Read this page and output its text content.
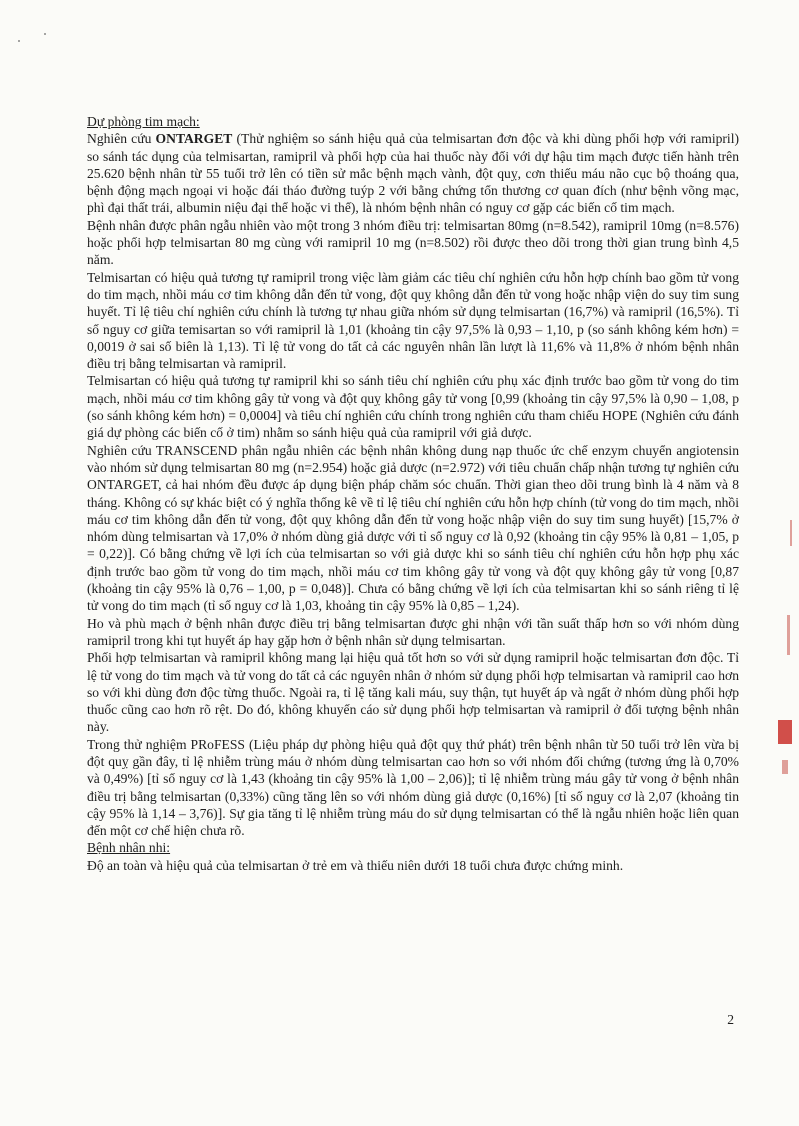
Dự phòng tim mạch:

Nghiên cứu ONTARGET (Thử nghiệm so sánh hiệu quả của telmisartan đơn độc và khi dùng phối hợp với ramipril) so sánh tác dụng của telmisartan, ramipril và phối hợp của hai thuốc này đối với dự hậu tim mạch được tiến hành trên 25.620 bệnh nhân từ 55 tuổi trở lên có tiền sử mắc bệnh mạch vành, đột quỵ, cơn thiếu máu não cục bộ thoáng qua, bệnh động mạch ngoại vi hoặc đái tháo đường tuýp 2 với bằng chứng tổn thương cơ quan đích (như bệnh võng mạc, phì đại thất trái, albumin niệu đại thể hoặc vi thể), là nhóm bệnh nhân có nguy cơ gặp các biến cố tim mạch.

Bệnh nhân được phân ngẫu nhiên vào một trong 3 nhóm điều trị: telmisartan 80mg (n=8.542), ramipril 10mg (n=8.576) hoặc phối hợp telmisartan 80 mg cùng với ramipril 10 mg (n=8.502) rồi được theo dõi trong thời gian trung bình 4,5 năm.

Telmisartan có hiệu quả tương tự ramipril trong việc làm giảm các tiêu chí nghiên cứu hỗn hợp chính bao gồm tử vong do tim mạch, nhồi máu cơ tim không dẫn đến tử vong, đột quỵ không dẫn đến tử vong hoặc nhập viện do suy tim sung huyết. Tỉ lệ tiêu chí nghiên cứu chính là tương tự nhau giữa nhóm sử dụng telmisartan (16,7%) và ramipril (16,5%). Tỉ số nguy cơ giữa temisartan so với ramipril là 1,01 (khoảng tin cậy 97,5% là 0,93 – 1,10, p (so sánh không kém hơn) = 0,0019 ở sai số biên là 1,13). Tỉ lệ tử vong do tất cả các nguyên nhân lần lượt là 11,6% và 11,8% ở nhóm bệnh nhân điều trị bằng telmisartan và ramipril.

Telmisartan có hiệu quả tương tự ramipril khi so sánh tiêu chí nghiên cứu phụ xác định trước bao gồm tử vong do tim mạch, nhồi máu cơ tim không gây tử vong và đột quỵ không gây tử vong [0,99 (khoảng tin cậy 97,5% là 0,90 – 1,08, p (so sánh không kém hơn) = 0,0004] và tiêu chí nghiên cứu chính trong nghiên cứu tham chiếu HOPE (Nghiên cứu đánh giá dự phòng các biến cố ở tim) nhằm so sánh hiệu quả của ramipril với giả dược.

Nghiên cứu TRANSCEND phân ngẫu nhiên các bệnh nhân không dung nạp thuốc ức chế enzym chuyển angiotensin vào nhóm sử dụng telmisartan 80 mg (n=2.954) hoặc giả dược (n=2.972) với tiêu chuẩn chấp nhận tương tự nghiên cứu ONTARGET, cả hai nhóm đều được áp dụng biện pháp chăm sóc chuẩn. Thời gian theo dõi trung bình là 4 năm và 8 tháng. Không có sự khác biệt có ý nghĩa thống kê về tỉ lệ tiêu chí nghiên cứu hỗn hợp chính (tử vong do tim mạch, nhồi máu cơ tim không dẫn đến tử vong, đột quỵ không dẫn đến tử vong hoặc nhập viện do suy tim sung huyết) [15,7% ở nhóm dùng telmisartan và 17,0% ở nhóm dùng giả dược với tỉ số nguy cơ là 0,92 (khoảng tin cậy 95% là 0,81 – 1,05, p = 0,22)]. Có bằng chứng về lợi ích của telmisartan so với giả dược khi so sánh tiêu chí nghiên cứu hỗn hợp phụ xác định trước bao gồm tử vong do tim mạch, nhồi máu cơ tim không gây tử vong và đột quỵ không gây tử vong [0,87 (khoảng tin cậy 95% là 0,76 – 1,00, p = 0,048)]. Chưa có bằng chứng về lợi ích của telmisartan khi so sánh riêng tỉ lệ tử vong do tim mạch (tỉ số nguy cơ là 1,03, khoảng tin cậy 95% là 0,85 – 1,24).

Ho và phù mạch ở bệnh nhân được điều trị bằng telmisartan được ghi nhận với tần suất thấp hơn so với nhóm dùng ramipril trong khi tụt huyết áp hay gặp hơn ở bệnh nhân sử dụng telmisartan.

Phối hợp telmisartan và ramipril không mang lại hiệu quả tốt hơn so với sử dụng ramipril hoặc telmisartan đơn độc. Tỉ lệ tử vong do tim mạch và tử vong do tất cả các nguyên nhân ở nhóm sử dụng phối hợp telmisartan và ramipril cao hơn so với khi dùng đơn độc từng thuốc. Ngoài ra, tỉ lệ tăng kali máu, suy thận, tụt huyết áp và ngất ở nhóm dùng phối hợp thuốc cũng cao hơn rõ rệt. Do đó, không khuyến cáo sử dụng phối hợp telmisartan và ramipril ở đối tượng bệnh nhân này.

Trong thử nghiệm PRoFESS (Liệu pháp dự phòng hiệu quả đột quỵ thứ phát) trên bệnh nhân từ 50 tuổi trở lên vừa bị đột quỵ gần đây, tỉ lệ nhiễm trùng máu ở nhóm dùng telmisartan cao hơn so với nhóm đối chứng (tương ứng là 0,70% và 0,49%) [tỉ số nguy cơ là 1,43 (khoảng tin cậy 95% là 1,00 – 2,06)]; tỉ lệ nhiễm trùng máu gây tử vong ở bệnh nhân điều trị bằng telmisartan (0,33%) cũng tăng lên so với nhóm dùng giả dược (0,16%) [tỉ số nguy cơ là 2,07 (khoảng tin cậy 95% là 1,14 – 3,76)]. Sự gia tăng tỉ lệ nhiễm trùng máu do sử dụng telmisartan có thể là ngẫu nhiên hoặc liên quan đến một cơ chế hiện chưa rõ.

Bệnh nhân nhi:

Độ an toàn và hiệu quả của telmisartan ở trẻ em và thiếu niên dưới 18 tuổi chưa được chứng minh.

2
